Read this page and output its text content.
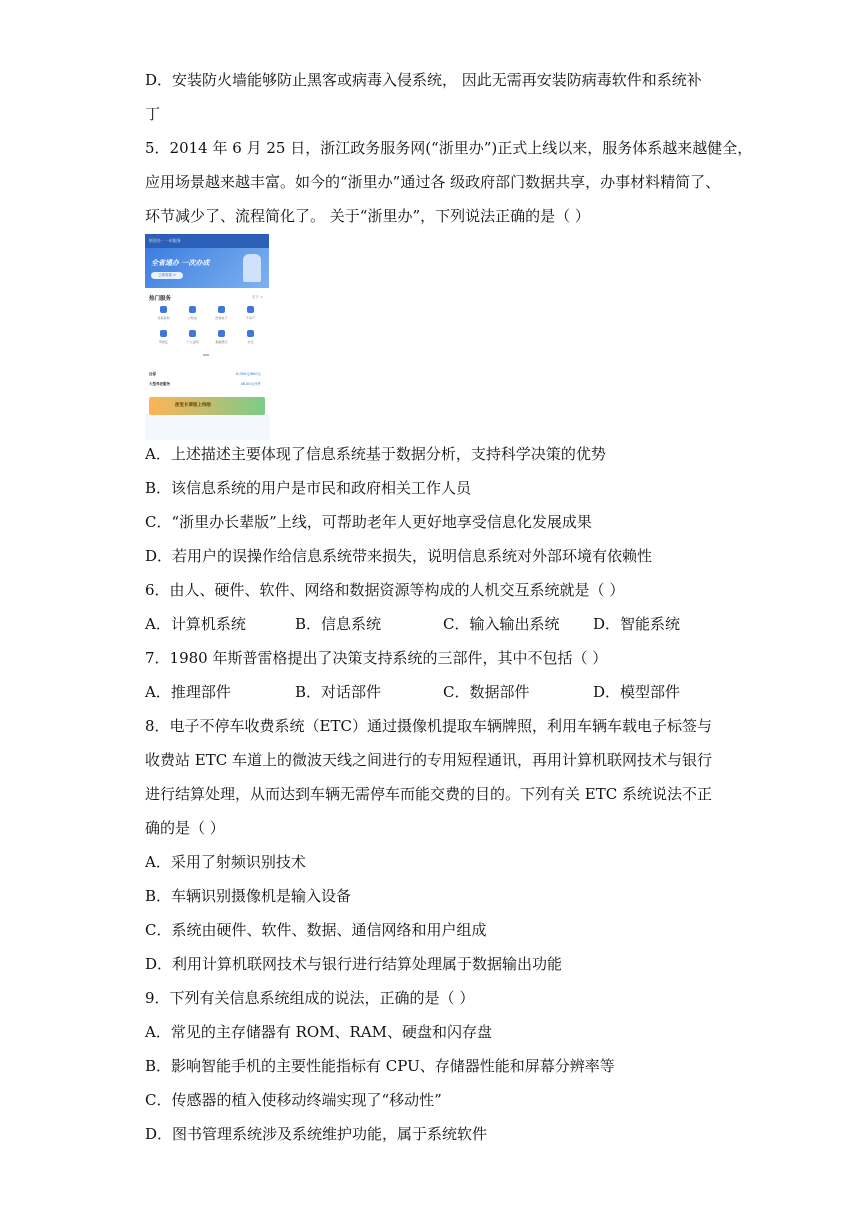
D．安装防火墙能够防止黑客或病毒入侵系统， 因此无需再安装防病毒软件和系统补
丁
5．2014 年 6 月 25 日，浙江政务服务网(“浙里办”)正式上线以来，服务体系越来越健全，
应用场景越来越丰富。如今的“浙里办”通过各 级政府部门数据共享，办事材料精简了、
环节减少了、流程简化了。 关于“浙里办”，下列说法正确的是（ ）
浙里办 · 一站服务
全省通办 一次办成
立即查看 >
热门服务	更多 >
社保查询	公积金	医保电子	不动产
驾驶证	个人证明	婚姻登记	出行
社保	6,000元/600元
大型养老服务	46.00元/5件
浙里长辈版上线啦
A．上述描述主要体现了信息系统基于数据分析，支持科学决策的优势
B．该信息系统的用户是市民和政府相关工作人员
C．“浙里办长辈版”上线，可帮助老年人更好地享受信息化发展成果
D．若用户的误操作给信息系统带来损失，说明信息系统对外部环境有依赖性
6．由人、硬件、软件、网络和数据资源等构成的人机交互系统就是（ ）
A．计算机系统	B．信息系统	C．输入输出系统 D．智能系统
7．1980 年斯普雷格提出了决策支持系统的三部件，其中不包括（ ）
A．推理部件	B．对话部件	C．数据部件	D．模型部件
8．电子不停车收费系统（ETC）通过摄像机提取车辆牌照，利用车辆车载电子标签与
收费站 ETC 车道上的微波天线之间进行的专用短程通讯，再用计算机联网技术与银行
进行结算处理，从而达到车辆无需停车而能交费的目的。下列有关 ETC 系统说法不正
确的是（ ）
A．采用了射频识别技术
B．车辆识别摄像机是输入设备
C．系统由硬件、软件、数据、通信网络和用户组成
D．利用计算机联网技术与银行进行结算处理属于数据输出功能
9．下列有关信息系统组成的说法，正确的是（ ）
A．常见的主存储器有 ROM、RAM、硬盘和闪存盘
B．影响智能手机的主要性能指标有 CPU、存储器性能和屏幕分辨率等
C．传感器的植入使移动终端实现了“移动性”
D．图书管理系统涉及系统维护功能，属于系统软件
